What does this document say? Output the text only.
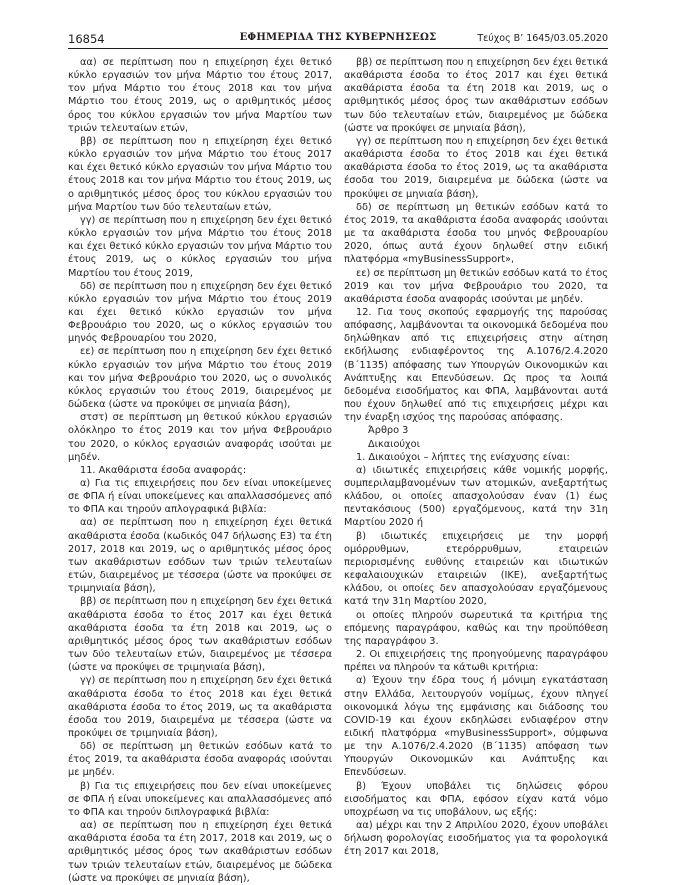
16854	ΕΦΗΜΕΡΙΔΑ ΤΗΣ ΚΥΒΕΡΝΗΣΕΩΣ	Τεύχος Β’ 1645/03.05.2020

αα) σε περίπτωση που η επιχείρηση έχει θετικό κύκλο εργασιών τον μήνα Μάρτιο του έτους 2017, τον μήνα Μάρτιο του έτους 2018 και τον μήνα Μάρτιο του έτους 2019, ως ο αριθμητικός μέσος όρος του κύκλου εργασιών τον μήνα Μαρτίου των τριών τελευταίων ετών,

ββ) σε περίπτωση που η επιχείρηση έχει θετικό κύκλο εργασιών τον μήνα Μάρτιο του έτους 2017 και έχει θετικό κύκλο εργασιών τον μήνα Μάρτιο του έτους 2018 και τον μήνα Μάρτιο του έτους 2019, ως ο αριθμητικός μέσος όρος του κύκλου εργασιών του μήνα Μαρτίου των δύο τελευταίων ετών,

γγ) σε περίπτωση που η επιχείρηση δεν έχει θετικό κύκλο εργασιών τον μήνα Μάρτιο του έτους 2018 και έχει θετικό κύκλο εργασιών τον μήνα Μάρτιο του έτους 2019, ως ο κύκλος εργασιών του μήνα Μαρτίου του έτους 2019,

δδ) σε περίπτωση που η επιχείρηση δεν έχει θετικό κύκλο εργασιών τον μήνα Μάρτιο του έτους 2019 και έχει θετικό κύκλο εργασιών τον μήνα Φεβρουάριο του 2020, ως ο κύκλος εργασιών του μηνός Φεβρουαρίου του 2020,

εε) σε περίπτωση που η επιχείρηση δεν έχει θετικό κύκλο εργασιών τον μήνα Μάρτιο του έτους 2019 και τον μήνα Φεβρουάριο του 2020, ως ο συνολικός κύκλος εργασιών του έτους 2019, διαιρεμένος με δώδεκα (ώστε να προκύψει σε μηνιαία βάση),

στστ) σε περίπτωση μη θετικού κύκλου εργασιών ολόκληρο το έτος 2019 και τον μήνα Φεβρουάριο του 2020, ο κύκλος εργασιών αναφοράς ισούται με μηδέν.

11. Ακαθάριστα έσοδα αναφοράς:

α) Για τις επιχειρήσεις που δεν είναι υποκείμενες σε ΦΠΑ ή είναι υποκείμενες και απαλλασσόμενες από το ΦΠΑ και τηρούν απλογραφικά βιβλία:

αα) σε περίπτωση που η επιχείρηση έχει θετικά ακαθάριστα έσοδα (κωδικός 047 δήλωσης Ε3) τα έτη 2017, 2018 και 2019, ως ο αριθμητικός μέσος όρος των ακαθάριστων εσόδων των τριών τελευταίων ετών, διαιρεμένος με τέσσερα (ώστε να προκύψει σε τριμηνιαία βάση),

ββ) σε περίπτωση που η επιχείρηση δεν έχει θετικά ακαθάριστα έσοδα το έτος 2017 και έχει θετικά ακαθάριστα έσοδα τα έτη 2018 και 2019, ως ο αριθμητικός μέσος όρος των ακαθάριστων εσόδων των δύο τελευταίων ετών, διαιρεμένος με τέσσερα (ώστε να προκύψει σε τριμηνιαία βάση),

γγ) σε περίπτωση που η επιχείρηση δεν έχει θετικά ακαθάριστα έσοδα το έτος 2018 και έχει θετικά ακαθάριστα έσοδα το έτος 2019, ως τα ακαθάριστα έσοδα του 2019, διαιρεμένα με τέσσερα (ώστε να προκύψει σε τριμηνιαία βάση),

δδ) σε περίπτωση μη θετικών εσόδων κατά το έτος 2019, τα ακαθάριστα έσοδα αναφοράς ισούνται με μηδέν.

β) Για τις επιχειρήσεις που δεν είναι υποκείμενες σε ΦΠΑ ή είναι υποκείμενες και απαλλασσόμενες από το ΦΠΑ και τηρούν διπλογραφικά βιβλία:

αα) σε περίπτωση που η επιχείρηση έχει θετικά ακαθάριστα έσοδα τα έτη 2017, 2018 και 2019, ως ο αριθμητικός μέσος όρος των ακαθάριστων εσόδων των τριών τελευταίων ετών, διαιρεμένος με δώδεκα (ώστε να προκύψει σε μηνιαία βάση),

ββ) σε περίπτωση που η επιχείρηση δεν έχει θετικά ακαθάριστα έσοδα το έτος 2017 και έχει θετικά ακαθάριστα έσοδα τα έτη 2018 και 2019, ως ο αριθμητικός μέσος όρος των ακαθάριστων εσόδων των δύο τελευταίων ετών, διαιρεμένος με δώδεκα (ώστε να προκύψει σε μηνιαία βάση),

γγ) σε περίπτωση που η επιχείρηση δεν έχει θετικά ακαθάριστα έσοδα το έτος 2018 και έχει θετικά ακαθάριστα έσοδα το έτος 2019, ως τα ακαθάριστα έσοδα του 2019, διαιρεμένα με δώδεκα (ώστε να προκύψει σε μηνιαία βάση),

δδ) σε περίπτωση μη θετικών εσόδων κατά το έτος 2019, τα ακαθάριστα έσοδα αναφοράς ισούνται με τα ακαθάριστα έσοδα του μηνός Φεβρουαρίου 2020, όπως αυτά έχουν δηλωθεί στην ειδική πλατφόρμα «myBusinessSupport»,

εε) σε περίπτωση μη θετικών εσόδων κατά το έτος 2019 και τον μήνα Φεβρουάριο του 2020, τα ακαθάριστα έσοδα αναφοράς ισούνται με μηδέν.

12. Για τους σκοπούς εφαρμογής της παρούσας απόφασης, λαμβάνονται τα οικονομικά δεδομένα που δηλώθηκαν από τις επιχειρήσεις στην αίτηση εκδήλωσης ενδιαφέροντος της Α.1076/2.4.2020 (Β΄1135) απόφασης των Υπουργών Οικονομικών και Ανάπτυξης και Επενδύσεων. Ως προς τα λοιπά δεδομένα εισοδήματος και ΦΠΑ, λαμβάνονται αυτά που έχουν δηλωθεί από τις επιχειρήσεις μέχρι και την έναρξη ισχύος της παρούσας απόφασης.

Άρθρο 3

Δικαιούχοι

1. Δικαιούχοι – λήπτες της ενίσχυσης είναι:

α) ιδιωτικές επιχειρήσεις κάθε νομικής μορφής, συμπεριλαμβανομένων των ατομικών, ανεξαρτήτως κλάδου, οι οποίες απασχολούσαν έναν (1) έως πεντακόσιους (500) εργαζόμενους, κατά την 31η Μαρτίου 2020 ή

β) ιδιωτικές επιχειρήσεις με την μορφή ομόρρυθμων, ετερόρρυθμων, εταιρειών περιορισμένης ευθύνης εταιρειών και ιδιωτικών κεφαλαιουχικών εταιρειών (ΙΚΕ), ανεξαρτήτως κλάδου, οι οποίες δεν απασχολούσαν εργαζόμενους κατά την 31η Μαρτίου 2020,

οι οποίες πληρούν σωρευτικά τα κριτήρια της επόμενης παραγράφου, καθώς και την προϋπόθεση της παραγράφου 3.

2. Οι επιχειρήσεις της προηγούμενης παραγράφου πρέπει να πληρούν τα κάτωθι κριτήρια:

α) Έχουν την έδρα τους ή μόνιμη εγκατάσταση στην Ελλάδα, λειτουργούν νομίμως, έχουν πληγεί οικονομικά λόγω της εμφάνισης και διάδοσης του COVID-19 και έχουν εκδηλώσει ενδιαφέρον στην ειδική πλατφόρμα «myBusinessSupport», σύμφωνα με την Α.1076/2.4.2020 (Β΄1135) απόφαση των Υπουργών Οικονομικών και Ανάπτυξης και Επενδύσεων.

β) Έχουν υποβάλει τις δηλώσεις φόρου εισοδήματος και ΦΠΑ, εφόσον είχαν κατά νόμο υποχρέωση να τις υποβάλουν, ως εξής:

αα) μέχρι και την 2 Απριλίου 2020, έχουν υποβάλει δήλωση φορολογίας εισοδήματος για τα φορολογικά έτη 2017 και 2018,
